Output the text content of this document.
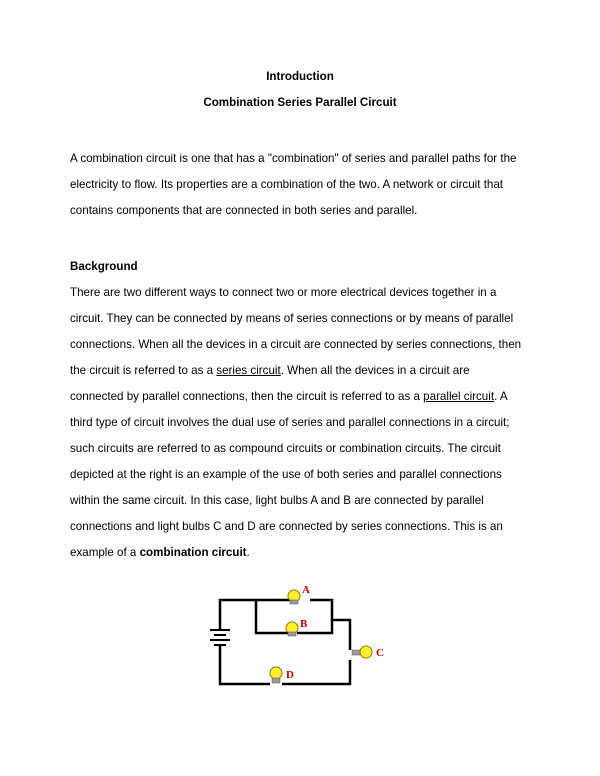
Introduction

Combination Series Parallel Circuit

A combination circuit is one that has a "combination" of series and parallel paths for the

electricity to flow. Its properties are a combination of the two. A network or circuit that

contains components that are connected in both series and parallel.

Background

There are two different ways to connect two or more electrical devices together in a

circuit. They can be connected by means of series connections or by means of parallel

connections. When all the devices in a circuit are connected by series connections, then

the circuit is referred to as a series circuit. When all the devices in a circuit are

connected by parallel connections, then the circuit is referred to as a parallel circuit. A

third type of circuit involves the dual use of series and parallel connections in a circuit;

such circuits are referred to as compound circuits or combination circuits. The circuit

depicted at the right is an example of the use of both series and parallel connections

within the same circuit. In this case, light bulbs A and B are connected by parallel

connections and light bulbs C and D are connected by series connections. This is an

example of a combination circuit.

A
B
C
D
